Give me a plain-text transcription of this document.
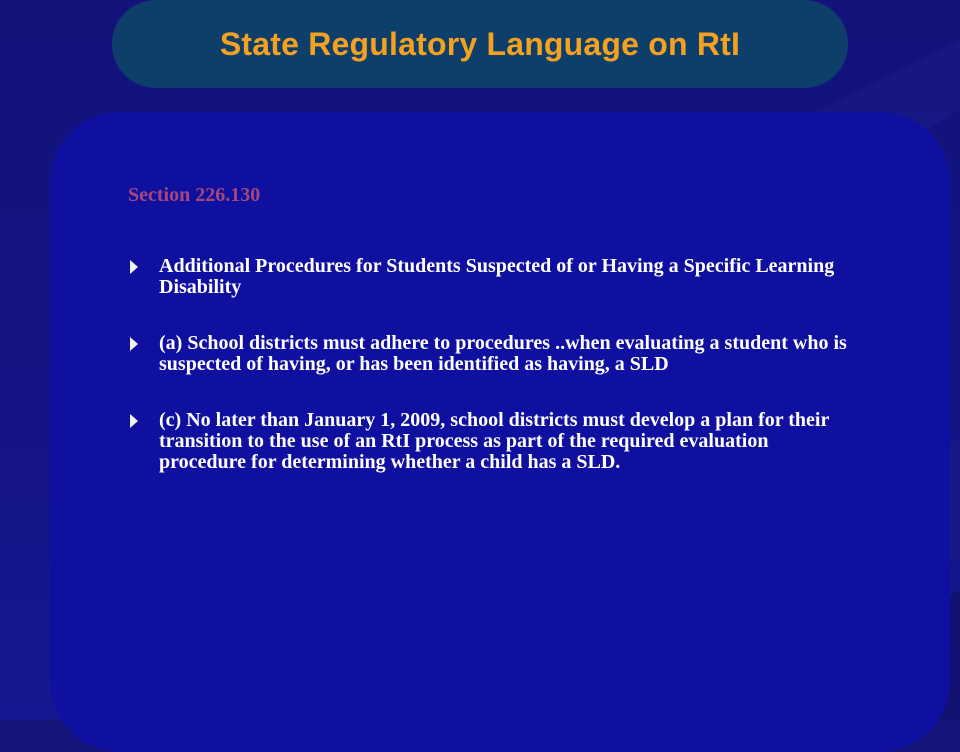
State Regulatory Language on RtI
Section 226.130
Additional Procedures for Students Suspected of or Having a Specific Learning Disability
(a) School districts must adhere to procedures ..when evaluating a student who is suspected of having, or has been identified as having, a SLD
(c) No later than January 1, 2009, school districts must develop a plan for their transition to the use of an RtI process as part of the required evaluation procedure for determining whether a child has a SLD.
